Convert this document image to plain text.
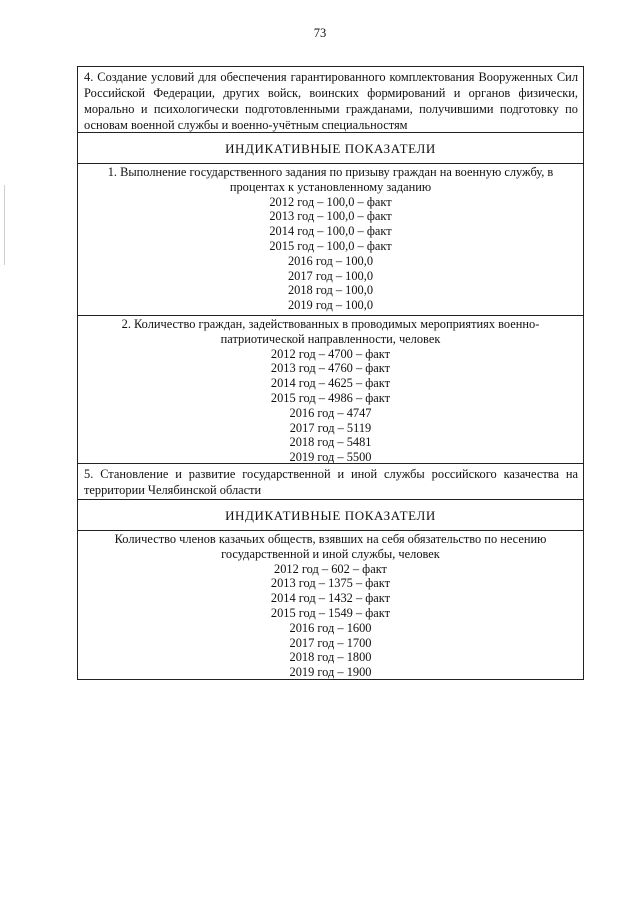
73
4. Создание условий для обеспечения гарантированного комплектования Вооруженных Сил Российской Федерации, других войск, воинских формирований и органов физически, морально и психологически подготовленными гражданами, получившими подготовку по основам военной службы и военно-учётным специальностям
ИНДИКАТИВНЫЕ ПОКАЗАТЕЛИ
1. Выполнение государственного задания по призыву граждан на военную службу, в процентах к установленному заданию
2012 год – 100,0 – факт
2013 год – 100,0 – факт
2014 год – 100,0 – факт
2015 год – 100,0 – факт
2016 год – 100,0
2017 год – 100,0
2018 год – 100,0
2019 год – 100,0
2. Количество граждан, задействованных в проводимых мероприятиях военно-патриотической направленности, человек
2012 год – 4700 – факт
2013 год – 4760 – факт
2014 год – 4625 – факт
2015 год – 4986 – факт
2016 год – 4747
2017 год – 5119
2018 год – 5481
2019 год – 5500
5. Становление и развитие государственной и иной службы российского казачества на территории Челябинской области
ИНДИКАТИВНЫЕ ПОКАЗАТЕЛИ
Количество членов казачьих обществ, взявших на себя обязательство по несению государственной и иной службы, человек
2012 год – 602 – факт
2013 год – 1375 – факт
2014 год – 1432 – факт
2015 год – 1549 – факт
2016 год – 1600
2017 год – 1700
2018 год – 1800
2019 год – 1900
